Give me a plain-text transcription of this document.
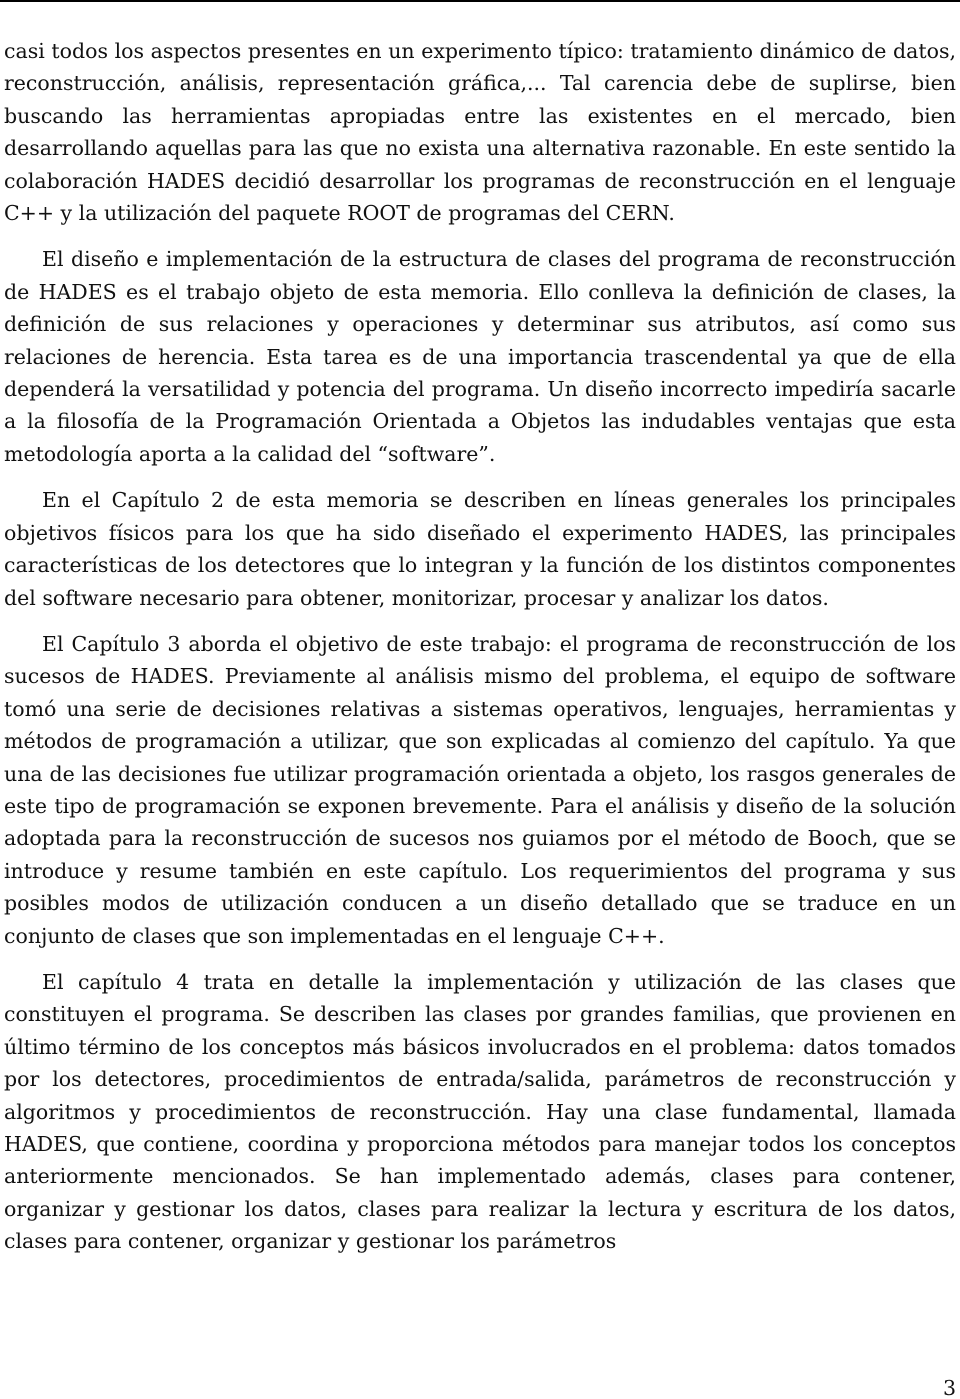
casi todos los aspectos presentes en un experimento típico: tratamiento dinámico de datos, reconstrucción, análisis, representación gráfica,... Tal carencia debe de suplirse, bien buscando las herramientas apropiadas entre las existentes en el mercado, bien desarrollando aquellas para las que no exista una alternativa razonable. En este sentido la colaboración HADES decidió desarrollar los programas de reconstrucción en el lenguaje C++ y la utilización del paquete ROOT de programas del CERN.

El diseño e implementación de la estructura de clases del programa de reconstrucción de HADES es el trabajo objeto de esta memoria. Ello conlleva la definición de clases, la definición de sus relaciones y operaciones y determinar sus atributos, así como sus relaciones de herencia. Esta tarea es de una importancia trascendental ya que de ella dependerá la versatilidad y potencia del programa. Un diseño incorrecto impediría sacarle a la filosofía de la Programación Orientada a Objetos las indudables ventajas que esta metodología aporta a la calidad del “software”.

En el Capítulo 2 de esta memoria se describen en líneas generales los principales objetivos físicos para los que ha sido diseñado el experimento HADES, las principales características de los detectores que lo integran y la función de los distintos componentes del software necesario para obtener, monitorizar, procesar y analizar los datos.

El Capítulo 3 aborda el objetivo de este trabajo: el programa de reconstrucción de los sucesos de HADES. Previamente al análisis mismo del problema, el equipo de software tomó una serie de decisiones relativas a sistemas operativos, lenguajes, herramientas y métodos de programación a utilizar, que son explicadas al comienzo del capítulo. Ya que una de las decisiones fue utilizar programación orientada a objeto, los rasgos generales de este tipo de programación se exponen brevemente. Para el análisis y diseño de la solución adoptada para la reconstrucción de sucesos nos guiamos por el método de Booch, que se introduce y resume también en este capítulo. Los requerimientos del programa y sus posibles modos de utilización conducen a un diseño detallado que se traduce en un conjunto de clases que son implementadas en el lenguaje C++.

El capítulo 4 trata en detalle la implementación y utilización de las clases que constituyen el programa. Se describen las clases por grandes familias, que provienen en último término de los conceptos más básicos involucrados en el problema: datos tomados por los detectores, procedimientos de entrada/salida, parámetros de reconstrucción y algoritmos y procedimientos de reconstrucción. Hay una clase fundamental, llamada HADES, que contiene, coordina y proporciona métodos para manejar todos los conceptos anteriormente mencionados. Se han implementado además, clases para contener, organizar y gestionar los datos, clases para realizar la lectura y escritura de los datos, clases para contener, organizar y gestionar los parámetros

3
